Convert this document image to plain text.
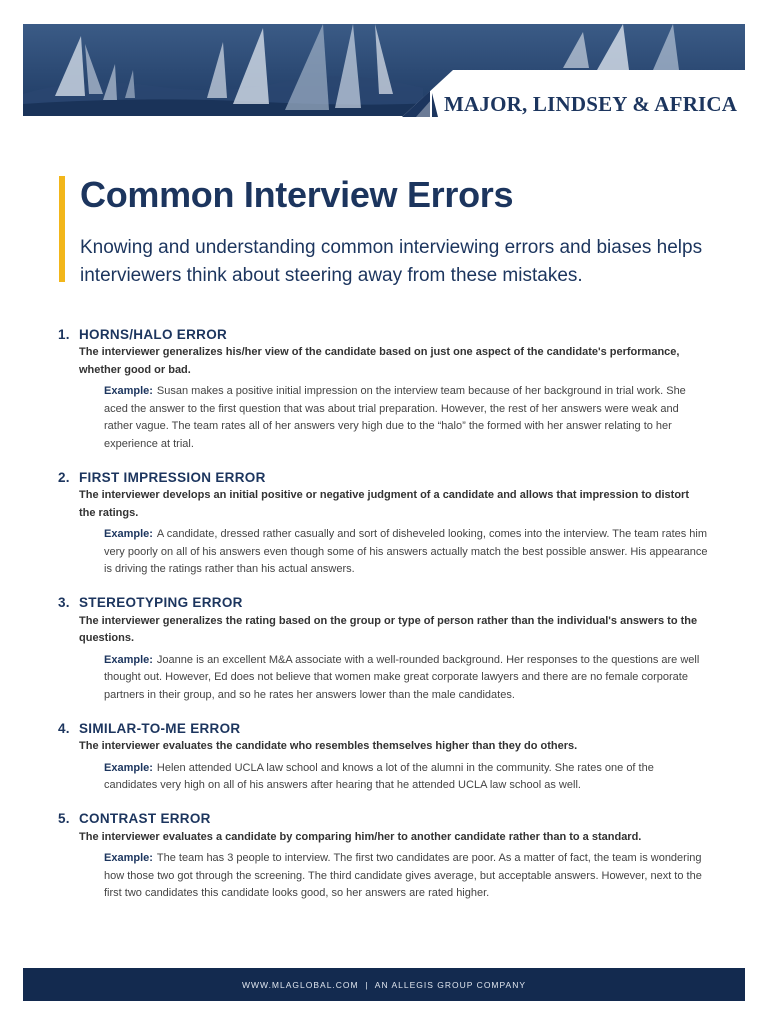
MAJOR, LINDSEY & AFRICA
Common Interview Errors

Knowing and understanding common interviewing errors and biases helps interviewers think about steering away from these mistakes.

1. HORNS/HALO ERROR

The interviewer generalizes his/her view of the candidate based on just one aspect of the candidate's performance, whether good or bad.

Example: Susan makes a positive initial impression on the interview team because of her background in trial work. She aced the answer to the first question that was about trial preparation. However, the rest of her answers were weak and rather vague. The team rates all of her answers very high due to the “halo” the formed with her answer relating to her experience at trial.

2. FIRST IMPRESSION ERROR

The interviewer develops an initial positive or negative judgment of a candidate and allows that impression to distort the ratings.

Example: A candidate, dressed rather casually and sort of disheveled looking, comes into the interview. The team rates him very poorly on all of his answers even though some of his answers actually match the best possible answer. His appearance is driving the ratings rather than his actual answers.

3. STEREOTYPING ERROR

The interviewer generalizes the rating based on the group or type of person rather than the individual's answers to the questions.

Example: Joanne is an excellent M&A associate with a well-rounded background. Her responses to the questions are well thought out. However, Ed does not believe that women make great corporate lawyers and there are no female corporate partners in their group, and so he rates her answers lower than the male candidates.

4. SIMILAR-TO-ME ERROR

The interviewer evaluates the candidate who resembles themselves higher than they do others.

Example: Helen attended UCLA law school and knows a lot of the alumni in the community. She rates one of the candidates very high on all of his answers after hearing that he attended UCLA law school as well.

5. CONTRAST ERROR

The interviewer evaluates a candidate by comparing him/her to another candidate rather than to a standard.

Example: The team has 3 people to interview. The first two candidates are poor. As a matter of fact, the team is wondering how those two got through the screening. The third candidate gives average, but acceptable answers. However, next to the first two candidates this candidate looks good, so her answers are rated higher.

WWW.MLAGLOBAL.COM  |  AN ALLEGIS GROUP COMPANY
